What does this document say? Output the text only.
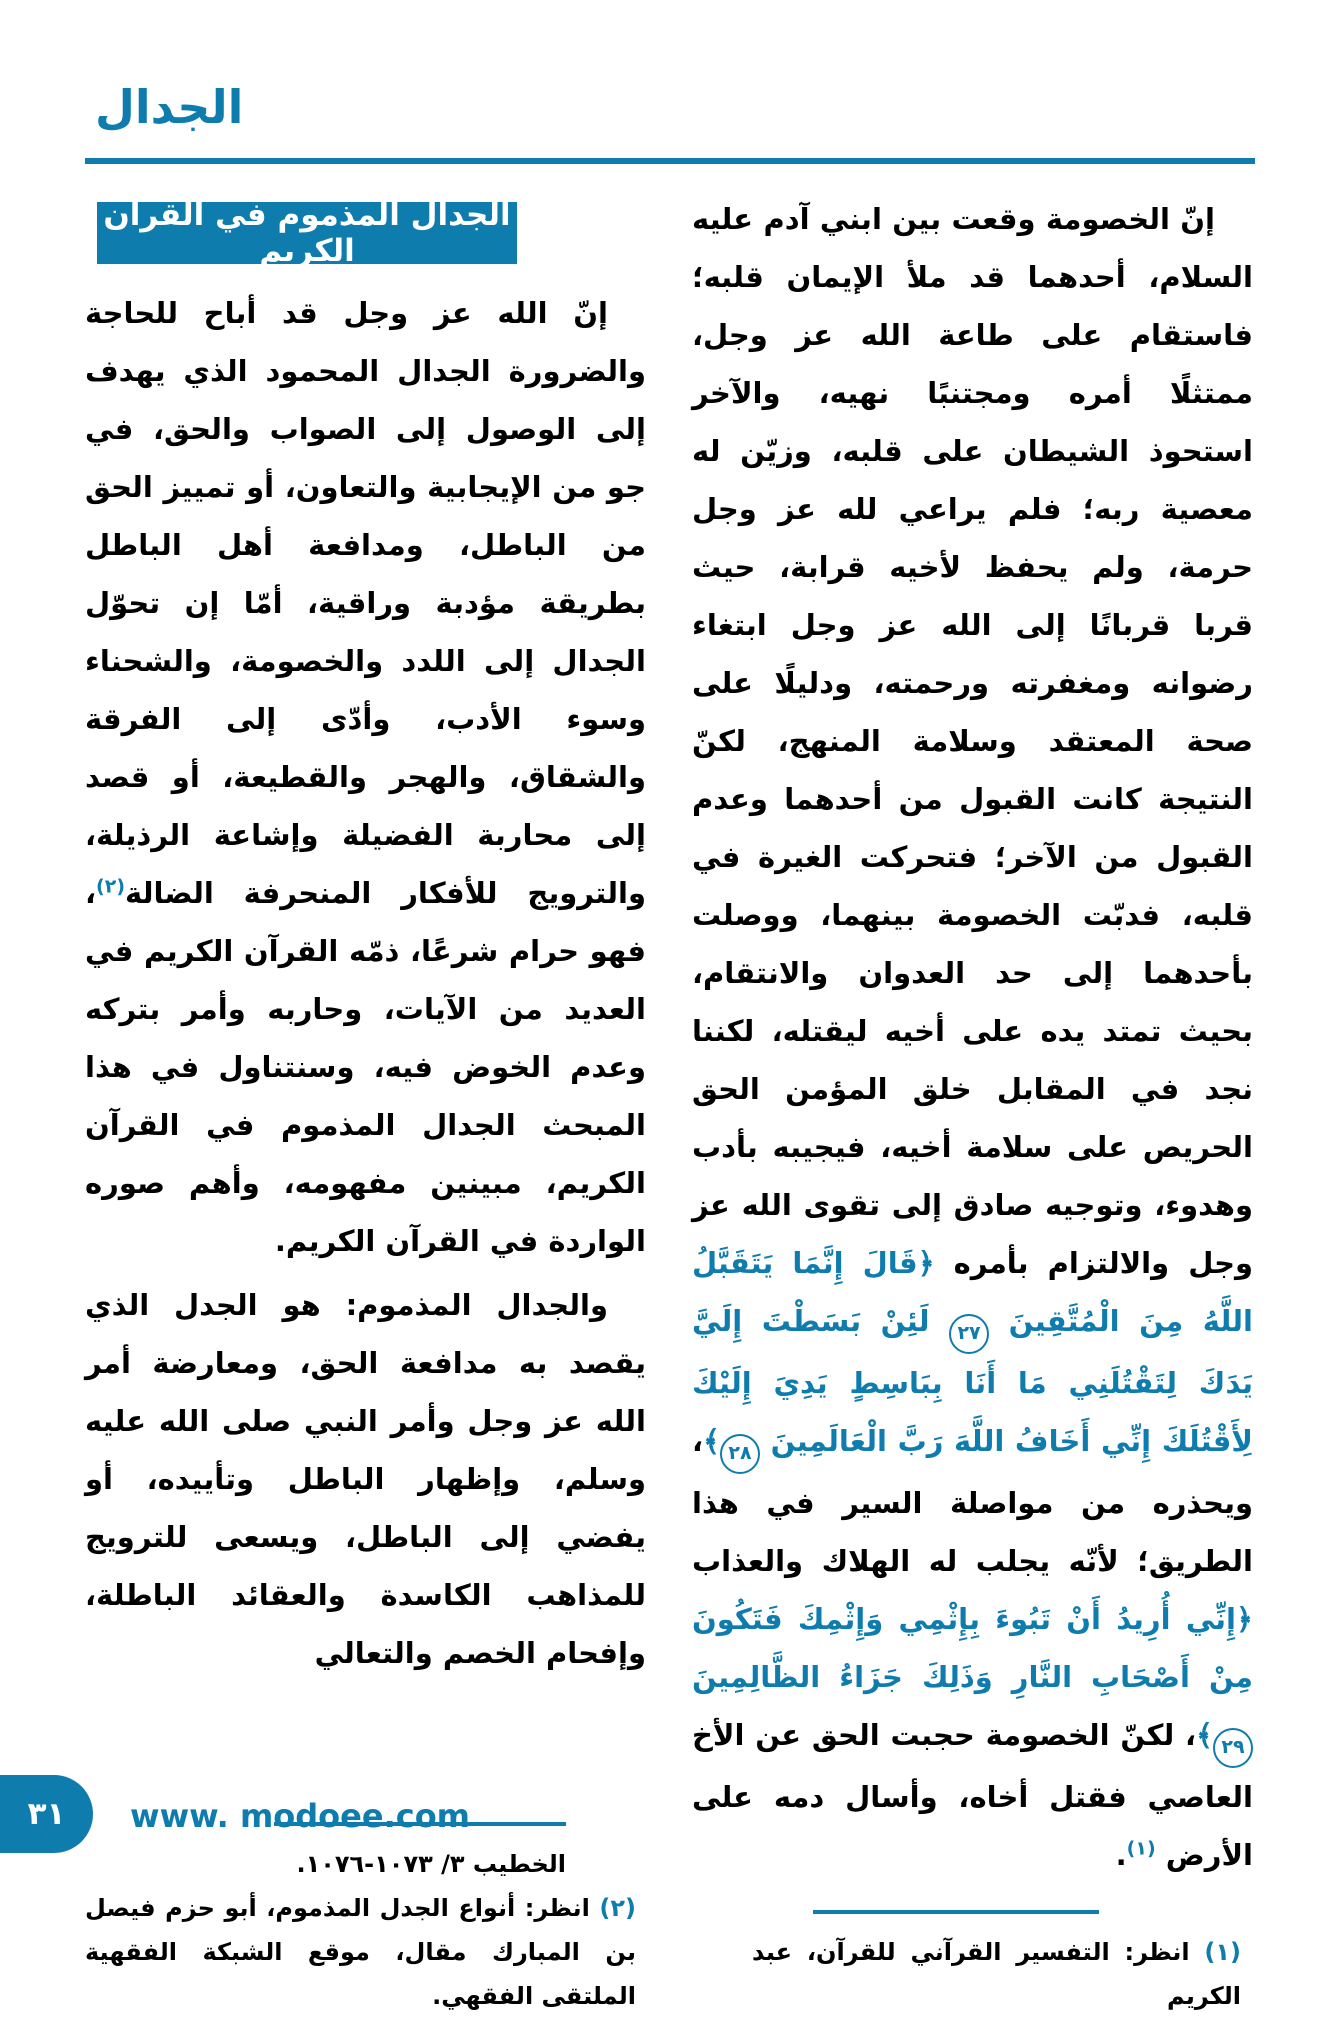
الجدال

إنّ الخصومة وقعت بين ابني آدم عليه السلام، أحدهما قد ملأ الإيمان قلبه؛ فاستقام على طاعة الله عز وجل، ممتثلًا أمره ومجتنبًا نهيه، والآخر استحوذ الشيطان على قلبه، وزيّن له معصية ربه؛ فلم يراعي لله عز وجل حرمة، ولم يحفظ لأخيه قرابة، حيث قربا قربانًا إلى الله عز وجل ابتغاء رضوانه ومغفرته ورحمته، ودليلًا على صحة المعتقد وسلامة المنهج، لكنّ النتيجة كانت القبول من أحدهما وعدم القبول من الآخر؛ فتحركت الغيرة في قلبه، فدبّت الخصومة بينهما، ووصلت بأحدهما إلى حد العدوان والانتقام، بحيث تمتد يده على أخيه ليقتله، لكننا نجد في المقابل خلق المؤمن الحق الحريص على سلامة أخيه، فيجيبه بأدب وهدوء، وتوجيه صادق إلى تقوى الله عز وجل والالتزام بأمره ﴿قَالَ إِنَّمَا يَتَقَبَّلُ اللَّهُ مِنَ الْمُتَّقِينَ ٢٧ لَئِنْ بَسَطْتَ إِلَيَّ يَدَكَ لِتَقْتُلَنِي مَا أَنَا بِبَاسِطٍ يَدِيَ إِلَيْكَ لِأَقْتُلَكَ إِنِّي أَخَافُ اللَّهَ رَبَّ الْعَالَمِينَ ٢٨﴾، ويحذره من مواصلة السير في هذا الطريق؛ لأنّه يجلب له الهلاك والعذاب ﴿إِنِّي أُرِيدُ أَنْ تَبُوءَ بِإِثْمِي وَإِثْمِكَ فَتَكُونَ مِنْ أَصْحَابِ النَّارِ وَذَلِكَ جَزَاءُ الظَّالِمِينَ ٢٩﴾، لكنّ الخصومة حجبت الحق عن الأخ العاصي فقتل أخاه، وأسال دمه على الأرض $^{(١)}$.

(١) انظر: التفسير القرآني للقرآن، عبد الكريم

الجدال المذموم في القرآن الكريم

إنّ الله عز وجل قد أباح للحاجة والضرورة الجدال المحمود الذي يهدف إلى الوصول إلى الصواب والحق، في جو من الإيجابية والتعاون، أو تمييز الحق من الباطل، ومدافعة أهل الباطل بطريقة مؤدبة وراقية، أمّا إن تحوّل الجدال إلى اللدد والخصومة، والشحناء وسوء الأدب، وأدّى إلى الفرقة والشقاق، والهجر والقطيعة، أو قصد إلى محاربة الفضيلة وإشاعة الرذيلة، والترويج للأفكار المنحرفة الضالة$^{(٢)}$، فهو حرام شرعًا، ذمّه القرآن الكريم في العديد من الآيات، وحاربه وأمر بتركه وعدم الخوض فيه، وسنتناول في هذا المبحث الجدال المذموم في القرآن الكريم، مبينين مفهومه، وأهم صوره الواردة في القرآن الكريم.

والجدال المذموم: هو الجدل الذي يقصد به مدافعة الحق، ومعارضة أمر الله عز وجل وأمر النبي صلى الله عليه وسلم، وإظهار الباطل وتأييده، أو يفضي إلى الباطل، ويسعى للترويج للمذاهب الكاسدة والعقائد الباطلة، وإفحام الخصم والتعالي

الخطيب ٣/ ١٠٧٣-١٠٧٦.

(٢) انظر: أنواع الجدل المذموم، أبو حزم فيصل بن المبارك مقال، موقع الشبكة الفقهية الملتقى الفقهي.

٣١ www. modoee.com
